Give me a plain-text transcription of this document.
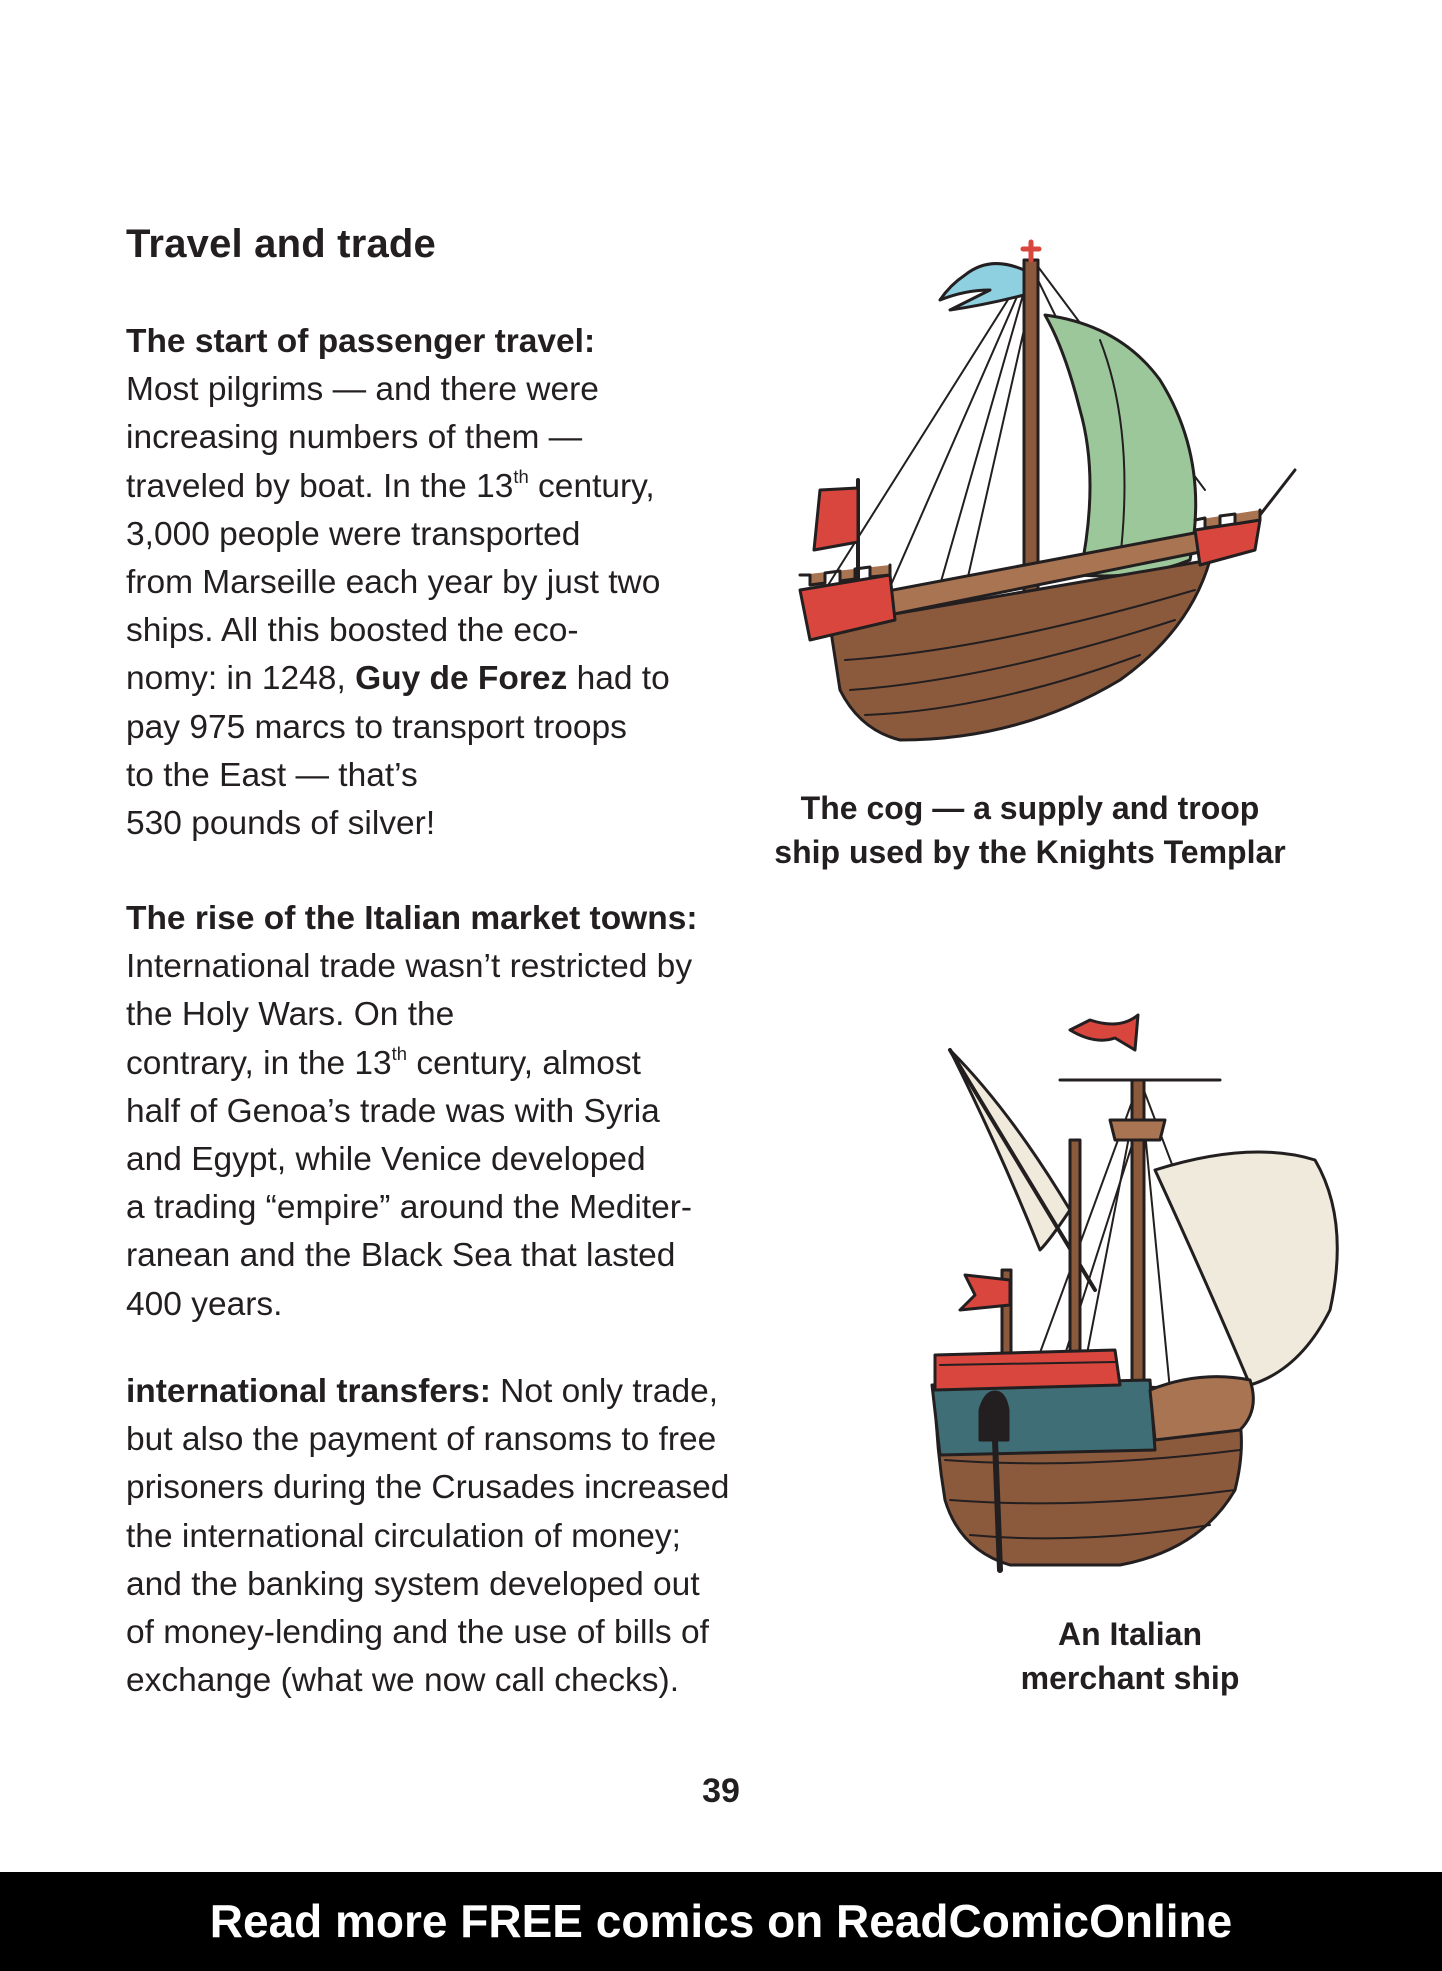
Travel and trade
The start of passenger travel:
Most pilgrims — and there were
increasing numbers of them —
traveled by boat. In the 13th century,
3,000 people were transported
from Marseille each year by just two
ships. All this boosted the eco-
nomy: in 1248, Guy de Forez had to
pay 975 marcs to transport troops
to the East — that’s
530 pounds of silver!
The rise of the Italian market towns:
International trade wasn’t restricted by
the Holy Wars. On the
contrary, in the 13th century, almost
half of Genoa’s trade was with Syria
and Egypt, while Venice developed
a trading “empire” around the Mediter-
ranean and the Black Sea that lasted
400 years.
international transfers: Not only trade,
but also the payment of ransoms to free
prisoners during the Crusades increased
the international circulation of money;
and the banking system developed out
of money-lending and the use of bills of
exchange (what we now call checks).
The cog — a supply and troop
ship used by the Knights Templar
An Italian
merchant ship
39
Read more FREE comics on ReadComicOnline
